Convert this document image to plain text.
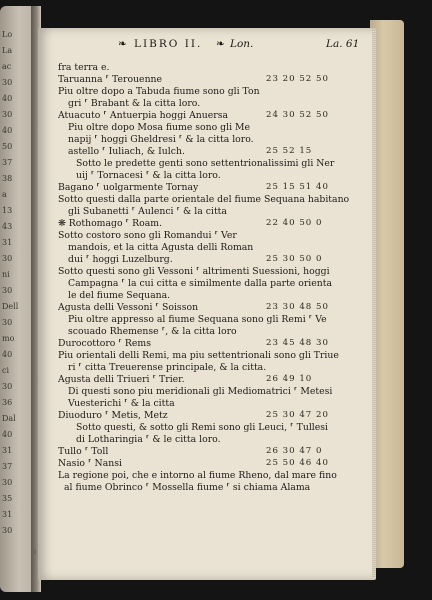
Lo
La
ac
30
40
30
40
50
37
38
a
13
43
31
30
ni
30
Dell
30
mo
40
ci
30
36
Dal
40
31
37
30
35
31
30
❧ LIBRO II. ❧ Lon.	La. 61
fra terra e.
Taruanna ⸢ Terouenne
Piu oltre dopo a Tabuda fiume sono gli Ton
gri ⸢ Brabant & la citta loro.
Atuacuto ⸢ Antuerpia hoggi Anuersa
Piu oltre dopo Mosa fiume sono gli Me
napij ⸢ hoggi Gheldresi ⸢ & la citta loro.
astello ⸢ Iuliach, & Iulch.
Sotto le predette genti sono settentrionalissimi gli Ner
uij ⸢ Tornacesi ⸢ & la citta loro.
Bagano ⸢ uolgarmente Tornay
Sotto questi dalla parte orientale del fiume Sequana habitano
gli Subanetti ⸢ Aulenci ⸢ & la citta
❋ Rothomago ⸢ Roam.
Sotto costoro sono gli Romandui ⸢ Ver
mandois, et la citta Agusta delli Roman
dui ⸢ hoggi Luzelburg.
Sotto questi sono gli Vessoni ⸢ altrimenti Suessioni, hoggi
Campagna ⸢ la cui citta e similmente dalla parte orienta
le del fiume Sequana.
Agusta delli Vessoni ⸢ Soisson
Piu oltre appresso al fiume Sequana sono gli Remi ⸢ Ve
scouado Rhemense ⸢, & la citta loro
Durocottoro ⸢ Rems
Piu orientali delli Remi, ma piu settentrionali sono gli Triue
ri ⸢ citta Treuerense principale, & la citta.
Agusta delli Triueri ⸢ Trier.
Di questi sono piu meridionali gli Mediomatrici ⸢ Metesi
Vuesterichi ⸢ & la citta
Diuoduro ⸢ Metis, Metz
Sotto questi, & sotto gli Remi sono gli Leuci, ⸢ Tullesi
di Lotharingia ⸢ & le citta loro.
Tullo ⸢ Toll
Nasio ⸢ Nansi
La regione poi, che e intorno al fiume Rheno, dal mare fino
al fiume Obrinco ⸢ Mossella fiume ⸢ si chiama Alama
23 20 52 50
24 30 52 50
25 52 15
25 15 51 40
22 40 50 0
25 30 50 0
23 30 48 50
23 45 48 30
26 49 10
25 30 47 20
26 30 47 0
25 50 46 40
i
